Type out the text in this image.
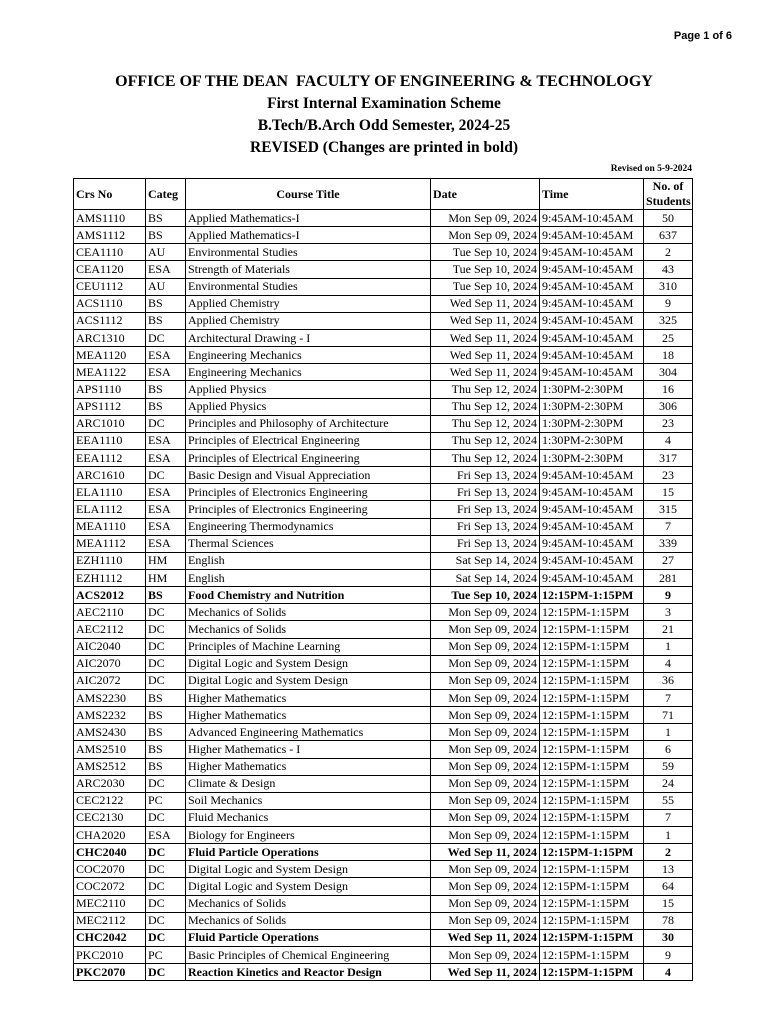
Page 1 of 6
OFFICE OF THE DEAN  FACULTY OF ENGINEERING & TECHNOLOGY
First Internal Examination Scheme
B.Tech/B.Arch Odd Semester, 2024-25
REVISED (Changes are printed in bold)
Revised on 5-9-2024
Crs No	Categ	Course Title	Date	Time	No. of
Students

AMS1110	BS	Applied Mathematics-I	Mon Sep 09, 2024	9:45AM-10:45AM	50
AMS1112	BS	Applied Mathematics-I	Mon Sep 09, 2024	9:45AM-10:45AM	637
CEA1110	AU	Environmental Studies	Tue Sep 10, 2024	9:45AM-10:45AM	2
CEA1120	ESA	Strength of Materials	Tue Sep 10, 2024	9:45AM-10:45AM	43
CEU1112	AU	Environmental Studies	Tue Sep 10, 2024	9:45AM-10:45AM	310
ACS1110	BS	Applied Chemistry	Wed Sep 11, 2024	9:45AM-10:45AM	9
ACS1112	BS	Applied Chemistry	Wed Sep 11, 2024	9:45AM-10:45AM	325
ARC1310	DC	Architectural Drawing - I	Wed Sep 11, 2024	9:45AM-10:45AM	25
MEA1120	ESA	Engineering Mechanics	Wed Sep 11, 2024	9:45AM-10:45AM	18
MEA1122	ESA	Engineering Mechanics	Wed Sep 11, 2024	9:45AM-10:45AM	304
APS1110	BS	Applied Physics	Thu Sep 12, 2024	1:30PM-2:30PM	16
APS1112	BS	Applied Physics	Thu Sep 12, 2024	1:30PM-2:30PM	306
ARC1010	DC	Principles and Philosophy of Architecture	Thu Sep 12, 2024	1:30PM-2:30PM	23
EEA1110	ESA	Principles of Electrical Engineering	Thu Sep 12, 2024	1:30PM-2:30PM	4
EEA1112	ESA	Principles of Electrical Engineering	Thu Sep 12, 2024	1:30PM-2:30PM	317
ARC1610	DC	Basic Design and Visual Appreciation	Fri Sep 13, 2024	9:45AM-10:45AM	23
ELA1110	ESA	Principles of Electronics Engineering	Fri Sep 13, 2024	9:45AM-10:45AM	15
ELA1112	ESA	Principles of Electronics Engineering	Fri Sep 13, 2024	9:45AM-10:45AM	315
MEA1110	ESA	Engineering Thermodynamics	Fri Sep 13, 2024	9:45AM-10:45AM	7
MEA1112	ESA	Thermal Sciences	Fri Sep 13, 2024	9:45AM-10:45AM	339
EZH1110	HM	English	Sat Sep 14, 2024	9:45AM-10:45AM	27
EZH1112	HM	English	Sat Sep 14, 2024	9:45AM-10:45AM	281
ACS2012	BS	Food Chemistry and Nutrition	Tue Sep 10, 2024	12:15PM-1:15PM	9
AEC2110	DC	Mechanics of Solids	Mon Sep 09, 2024	12:15PM-1:15PM	3
AEC2112	DC	Mechanics of Solids	Mon Sep 09, 2024	12:15PM-1:15PM	21
AIC2040	DC	Principles of Machine Learning	Mon Sep 09, 2024	12:15PM-1:15PM	1
AIC2070	DC	Digital Logic and System Design	Mon Sep 09, 2024	12:15PM-1:15PM	4
AIC2072	DC	Digital Logic and System Design	Mon Sep 09, 2024	12:15PM-1:15PM	36
AMS2230	BS	Higher Mathematics	Mon Sep 09, 2024	12:15PM-1:15PM	7
AMS2232	BS	Higher Mathematics	Mon Sep 09, 2024	12:15PM-1:15PM	71
AMS2430	BS	Advanced Engineering Mathematics	Mon Sep 09, 2024	12:15PM-1:15PM	1
AMS2510	BS	Higher Mathematics - I	Mon Sep 09, 2024	12:15PM-1:15PM	6
AMS2512	BS	Higher Mathematics	Mon Sep 09, 2024	12:15PM-1:15PM	59
ARC2030	DC	Climate & Design	Mon Sep 09, 2024	12:15PM-1:15PM	24
CEC2122	PC	Soil Mechanics	Mon Sep 09, 2024	12:15PM-1:15PM	55
CEC2130	DC	Fluid Mechanics	Mon Sep 09, 2024	12:15PM-1:15PM	7
CHA2020	ESA	Biology for Engineers	Mon Sep 09, 2024	12:15PM-1:15PM	1
CHC2040	DC	Fluid Particle Operations	Wed Sep 11, 2024	12:15PM-1:15PM	2
COC2070	DC	Digital Logic and System Design	Mon Sep 09, 2024	12:15PM-1:15PM	13
COC2072	DC	Digital Logic and System Design	Mon Sep 09, 2024	12:15PM-1:15PM	64
MEC2110	DC	Mechanics of Solids	Mon Sep 09, 2024	12:15PM-1:15PM	15
MEC2112	DC	Mechanics of Solids	Mon Sep 09, 2024	12:15PM-1:15PM	78
CHC2042	DC	Fluid Particle Operations	Wed Sep 11, 2024	12:15PM-1:15PM	30
PKC2010	PC	Basic Principles of Chemical Engineering	Mon Sep 09, 2024	12:15PM-1:15PM	9
PKC2070	DC	Reaction Kinetics and Reactor Design	Wed Sep 11, 2024	12:15PM-1:15PM	4
